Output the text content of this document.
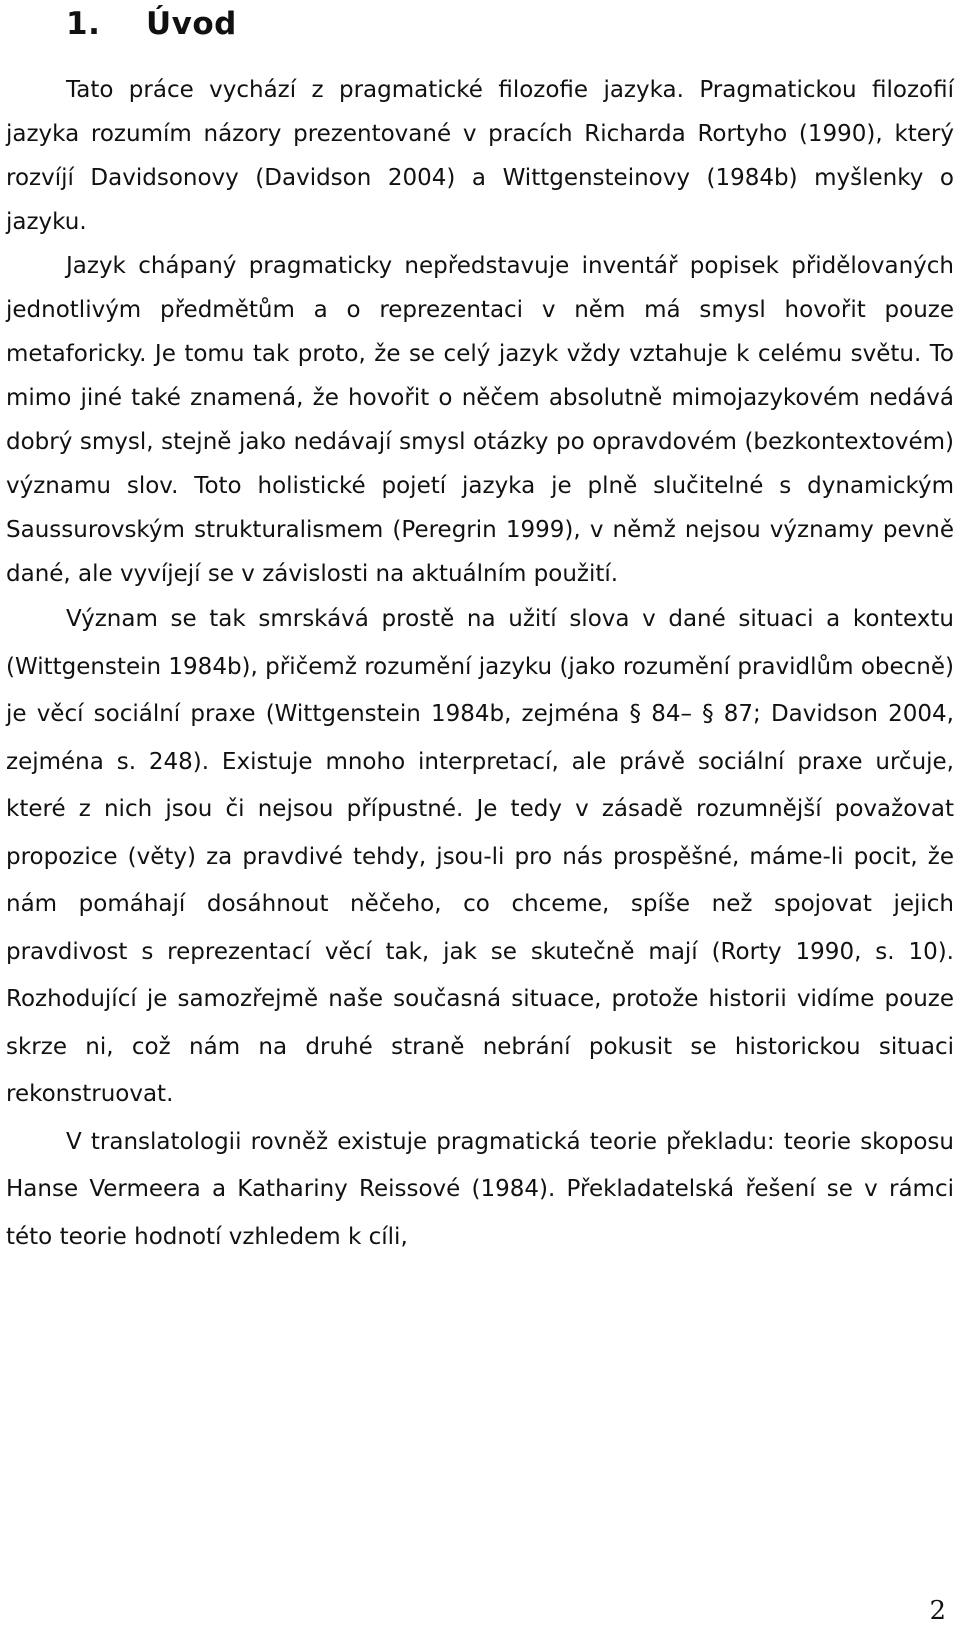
1. Úvod

Tato práce vychází z pragmatické filozofie jazyka. Pragmatickou filozofií jazyka rozumím názory prezentované v pracích Richarda Rortyho (1990), který rozvíjí Davidsonovy (Davidson 2004) a Wittgensteinovy (1984b) myšlenky o jazyku.

Jazyk chápaný pragmaticky nepředstavuje inventář popisek přidělovaných jednotlivým předmětům a o reprezentaci v něm má smysl hovořit pouze metaforicky. Je tomu tak proto, že se celý jazyk vždy vztahuje k celému světu. To mimo jiné také znamená, že hovořit o něčem absolutně mimojazykovém nedává dobrý smysl, stejně jako nedávají smysl otázky po opravdovém (bezkontextovém) významu slov. Toto holistické pojetí jazyka je plně slučitelné s dynamickým Saussurovským strukturalismem (Peregrin 1999), v němž nejsou významy pevně dané, ale vyvíjejí se v závislosti na aktuálním použití.

Význam se tak smrskává prostě na užití slova v dané situaci a kontextu (Wittgenstein 1984b), přičemž rozumění jazyku (jako rozumění pravidlům obecně) je věcí sociální praxe (Wittgenstein 1984b, zejména § 84– § 87; Davidson 2004, zejména s. 248). Existuje mnoho interpretací, ale právě sociální praxe určuje, které z nich jsou či nejsou přípustné. Je tedy v zásadě rozumnější považovat propozice (věty) za pravdivé tehdy, jsou-li pro nás prospěšné, máme-li pocit, že nám pomáhají dosáhnout něčeho, co chceme, spíše než spojovat jejich pravdivost s reprezentací věcí tak, jak se skutečně mají (Rorty 1990, s. 10). Rozhodující je samozřejmě naše současná situace, protože historii vidíme pouze skrze ni, což nám na druhé straně nebrání pokusit se historickou situaci rekonstruovat.

V translatologii rovněž existuje pragmatická teorie překladu: teorie skoposu Hanse Vermeera a Kathariny Reissové (1984). Překladatelská řešení se v rámci této teorie hodnotí vzhledem k cíli,

2
